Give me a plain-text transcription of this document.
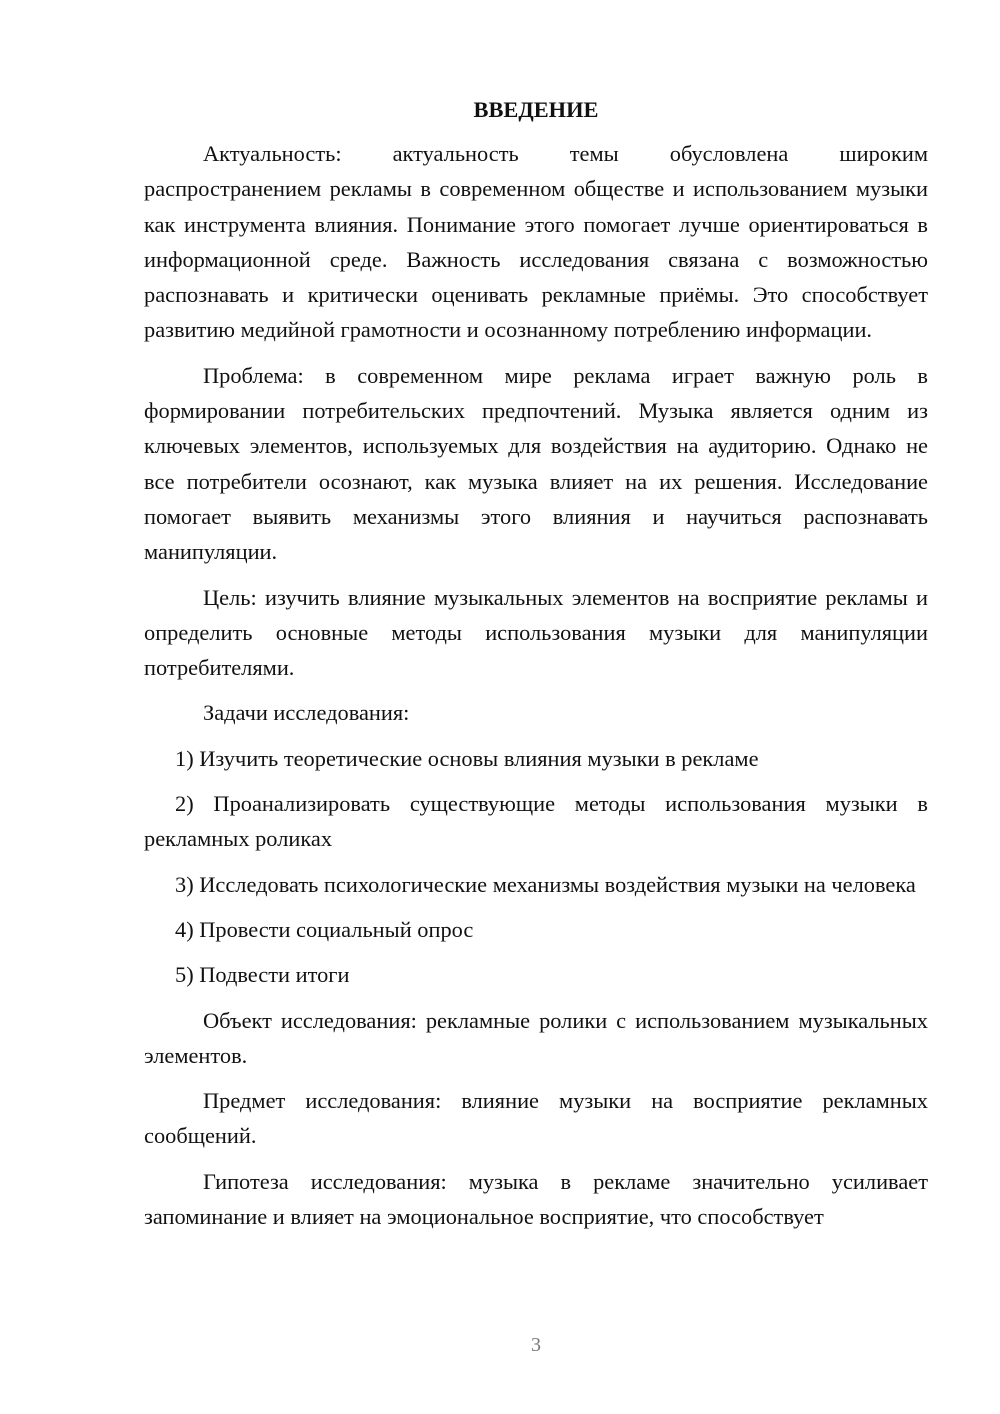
ВВЕДЕНИЕ

Актуальность: актуальность темы обусловлена широким распространением рекламы в современном обществе и использованием музыки как инструмента влияния. Понимание этого помогает лучше ориентироваться в информационной среде. Важность исследования связана с возможностью распознавать и критически оценивать рекламные приёмы. Это способствует развитию медийной грамотности и осознанному потреблению информации.

Проблема: в современном мире реклама играет важную роль в формировании потребительских предпочтений. Музыка является одним из ключевых элементов, используемых для воздействия на аудиторию. Однако не все потребители осознают, как музыка влияет на их решения. Исследование помогает выявить механизмы этого влияния и научиться распознавать манипуляции.

Цель: изучить влияние музыкальных элементов на восприятие рекламы и определить основные методы использования музыки для манипуляции потребителями.

Задачи исследования:

1) Изучить теоретические основы влияния музыки в рекламе

2) Проанализировать существующие методы использования музыки в рекламных роликах

3) Исследовать психологические механизмы воздействия музыки на человека

4) Провести социальный опрос

5) Подвести итоги

Объект исследования: рекламные ролики с использованием музыкальных элементов.

Предмет исследования: влияние музыки на восприятие рекламных сообщений.

Гипотеза исследования: музыка в рекламе значительно усиливает запоминание и влияет на эмоциональное восприятие, что способствует

3
